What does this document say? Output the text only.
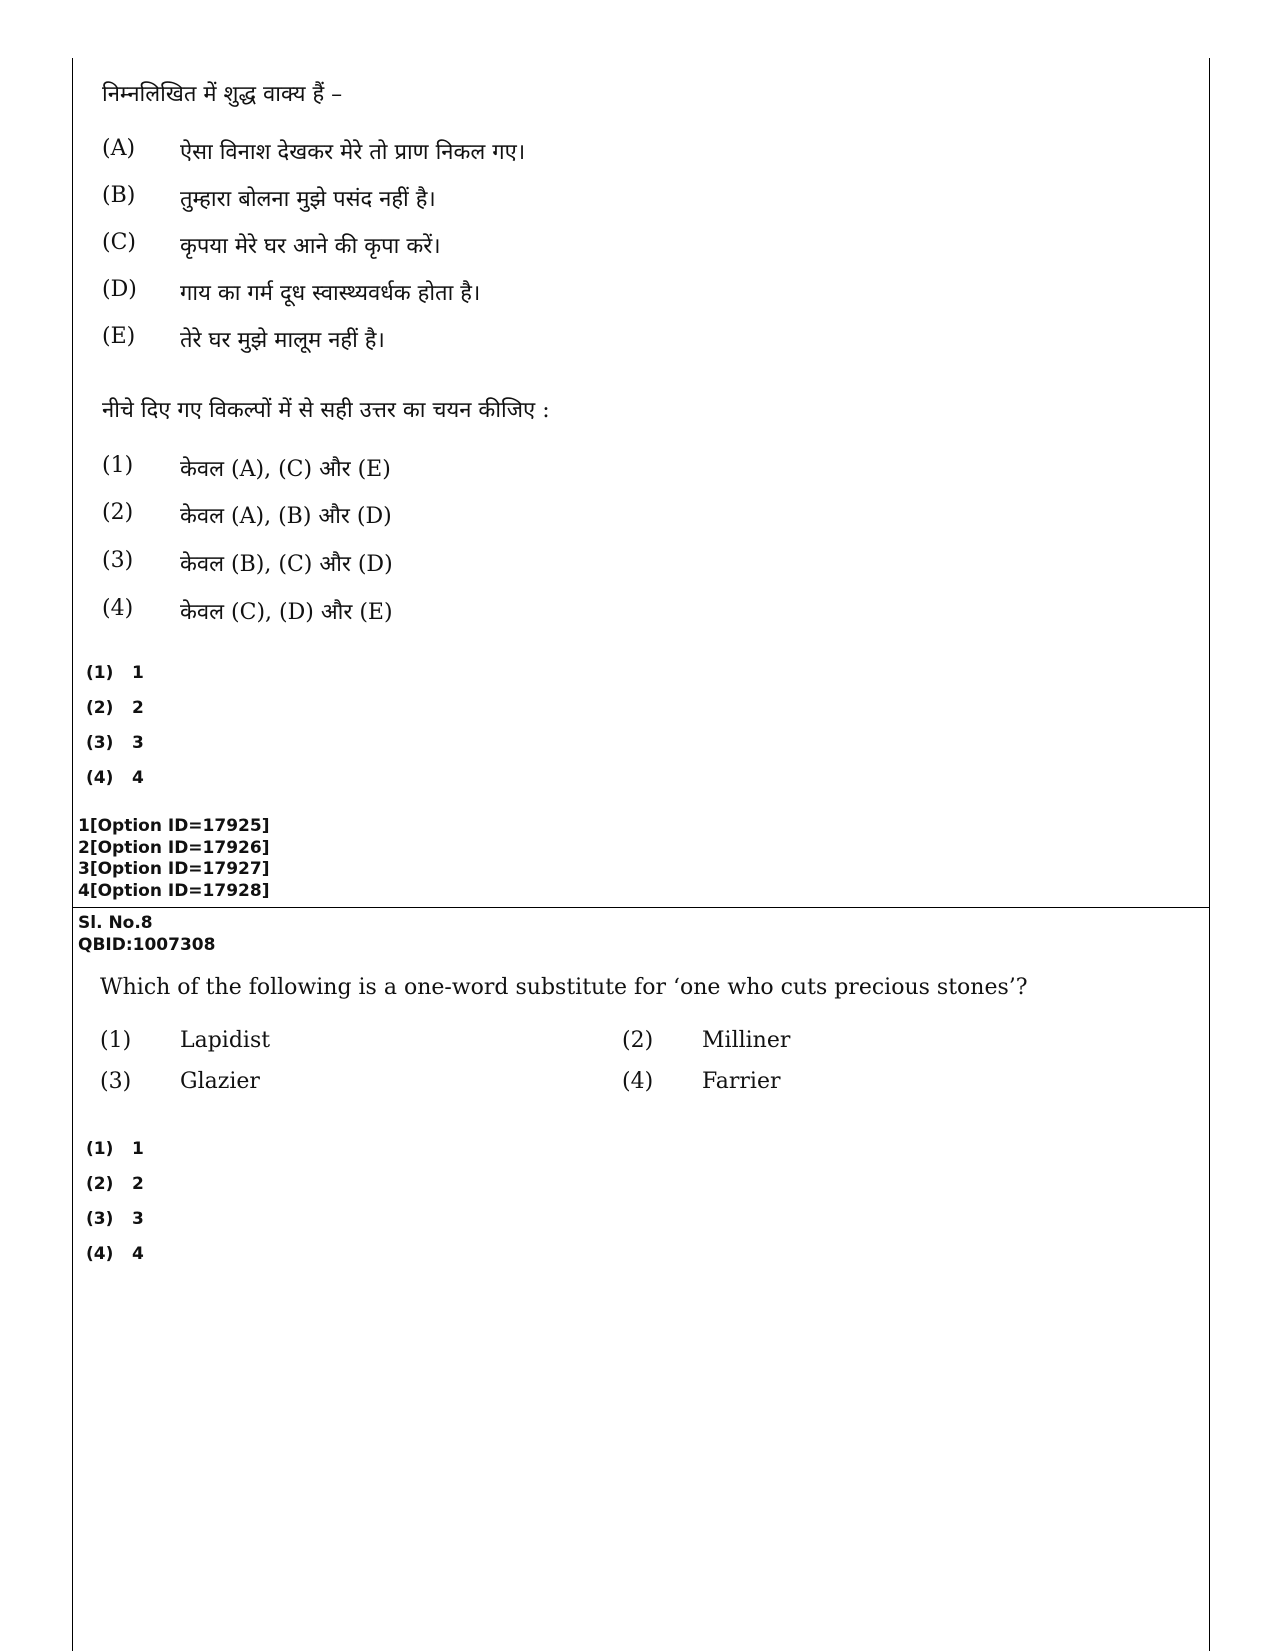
निम्नलिखित में शुद्ध वाक्य हैं –
(A)	ऐसा विनाश देखकर मेरे तो प्राण निकल गए।
(B)	तुम्हारा बोलना मुझे पसंद नहीं है।
(C)	कृपया मेरे घर आने की कृपा करें।
(D)	गाय का गर्म दूध स्वास्थ्यवर्धक होता है।
(E)	तेरे घर मुझे मालूम नहीं है।
नीचे दिए गए विकल्पों में से सही उत्तर का चयन कीजिए :
(1)	केवल (A), (C) और (E)
(2)	केवल (A), (B) और (D)
(3)	केवल (B), (C) और (D)
(4)	केवल (C), (D) और (E)
(1) 1
(2) 2
(3) 3
(4) 4
1[Option ID=17925]
2[Option ID=17926]
3[Option ID=17927]
4[Option ID=17928]
Sl. No.8
QBID:1007308
Which of the following is a one-word substitute for ‘one who cuts precious stones’?
(1)	Lapidist	(2)	Milliner
(3)	Glazier	(4)	Farrier
(1) 1
(2) 2
(3) 3
(4) 4
